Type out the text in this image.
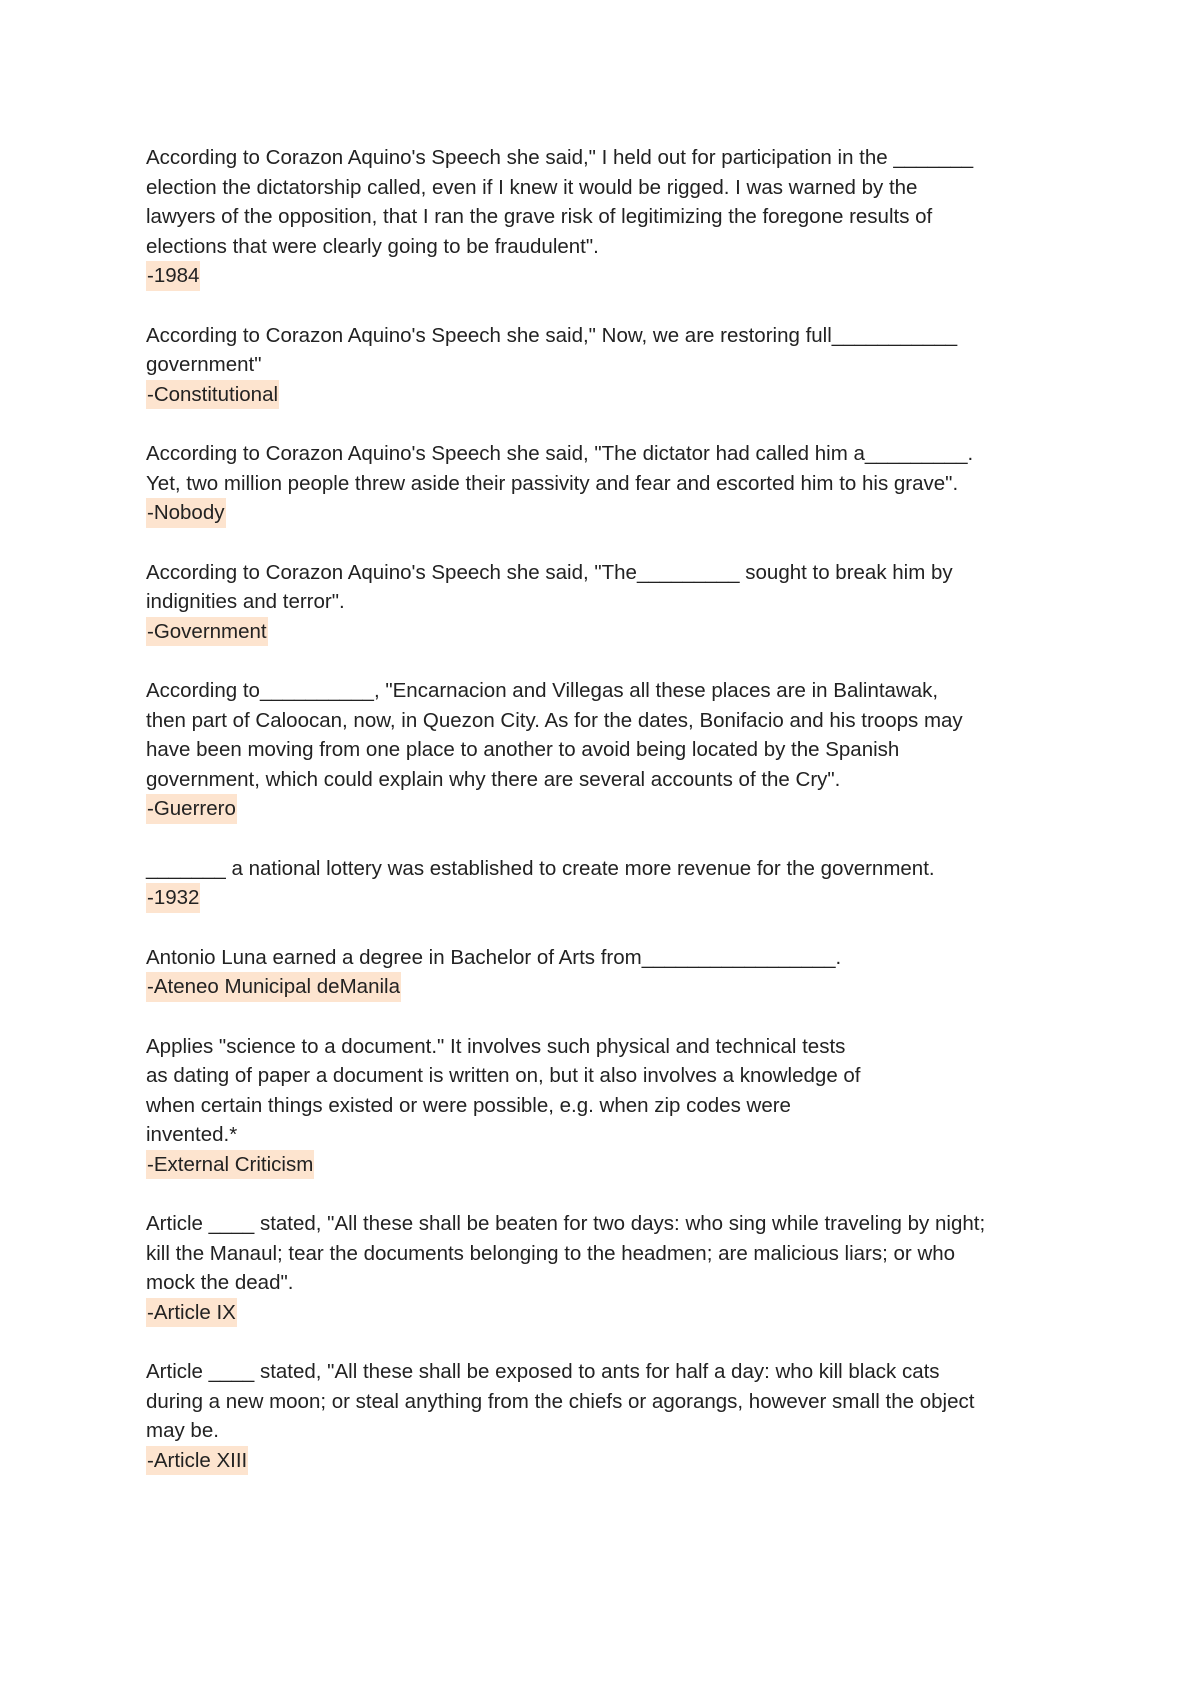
According to Corazon Aquino's Speech she said," I held out for participation in the _______
election the dictatorship called, even if I knew it would be rigged. I was warned by the
lawyers of the opposition, that I ran the grave risk of legitimizing the foregone results of
elections that were clearly going to be fraudulent".

-1984

According to Corazon Aquino's Speech she said," Now, we are restoring full___________
government"

-Constitutional

According to Corazon Aquino's Speech she said, "The dictator had called him a_________.
Yet, two million people threw aside their passivity and fear and escorted him to his grave".

-Nobody

According to Corazon Aquino's Speech she said, "The_________ sought to break him by
indignities and terror".

-Government

According to__________, "Encarnacion and Villegas all these places are in Balintawak,
then part of Caloocan, now, in Quezon City. As for the dates, Bonifacio and his troops may
have been moving from one place to another to avoid being located by the Spanish
government, which could explain why there are several accounts of the Cry".

-Guerrero

_______ a national lottery was established to create more revenue for the government.

-1932

Antonio Luna earned a degree in Bachelor of Arts from_________________.

-Ateneo Municipal deManila

Applies "science to a document." It involves such physical and technical tests
as dating of paper a document is written on, but it also involves a knowledge of
when certain things existed or were possible, e.g. when zip codes were
invented.*

-External Criticism

Article ____ stated, "All these shall be beaten for two days: who sing while traveling by night;
kill the Manaul; tear the documents belonging to the headmen; are malicious liars; or who
mock the dead".

-Article IX

Article ____ stated, "All these shall be exposed to ants for half a day: who kill black cats
during a new moon; or steal anything from the chiefs or agorangs, however small the object
may be.

-Article XIII
